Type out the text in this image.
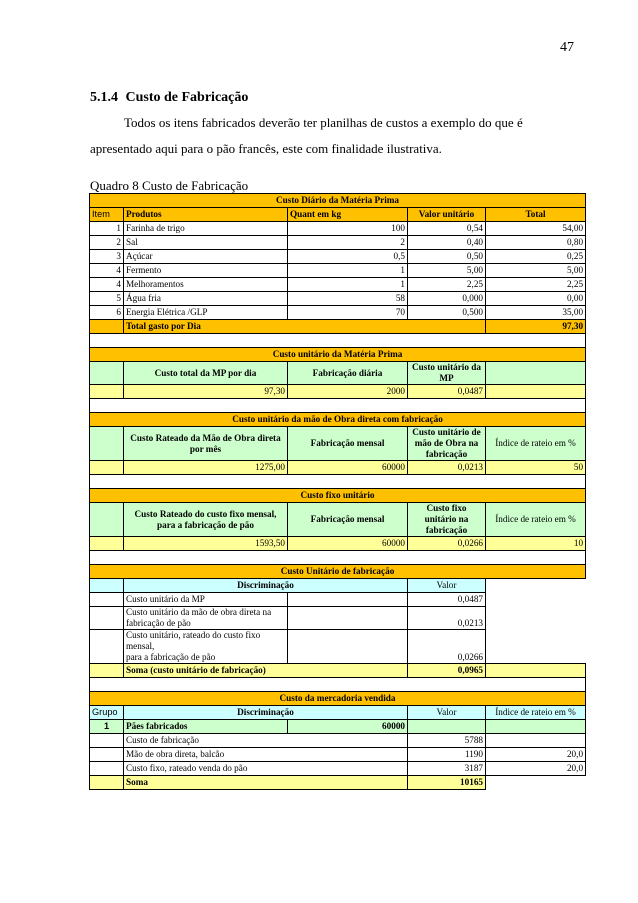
47
5.1.4 Custo de Fabricação
Todos os itens fabricados deverão ter planilhas de custos a exemplo do que é
apresentado aqui para o pão francês, este com finalidade ilustrativa.
Quadro 8 Custo de Fabricação
Custo Diário da Matéria Prima				
Item	Produtos	Quant em kg	Valor unitário	Total
1	Farinha de trigo	100	0,54	54,00
2	Sal	2	0,40	0,80
3	Açúcar	0,5	0,50	0,25
4	Fermento	1	5,00	5,00
4	Melhoramentos	1	2,25	2,25
5	Água fria	58	0,000	0,00
6	Energia Elétrica /GLP	70	0,500	35,00
	Total gasto por Dia			97,30

Custo unitário da Matéria Prima				
	Custo total da MP por dia	Fabricação diária	Custo unitário da MP	
	97,30	2000	0,0487	

Custo unitário da mão de Obra direta com fabricação				
	Custo Rateado da Mão de Obra direta por mês	Fabricação mensal	Custo unitário de mão de Obra na fabricação	Índice de rateio em %
	1275,00	60000	0,0213	50

Custo fixo unitário				
	Custo Rateado do custo fixo mensal, para a fabricação de pão	Fabricação mensal	Custo fixo unitário na fabricação	Índice de rateio em %
	1593,50	60000	0,0266	10

Custo Unitário de fabricação				
	Discriminação		Valor	
	Custo unitário da MP		0,0487	
	Custo unitário da mão de obra direta na
fabricação de pão		0,0213	
	Custo unitário, rateado do custo fixo mensal,
para a fabricação de pão		0,0266	
	Soma (custo unitário de fabricação)		0,0965	

Custo da mercadoria vendida				
Grupo	Discriminação		Valor	Índice de rateio em %
1	Pães fabricados	60000		
	Custo de fabricação		5788	
	Mão de obra direta, balcão		1190	20,0
	Custo fixo, rateado venda do pão		3187	20,0
	Soma		10165	
